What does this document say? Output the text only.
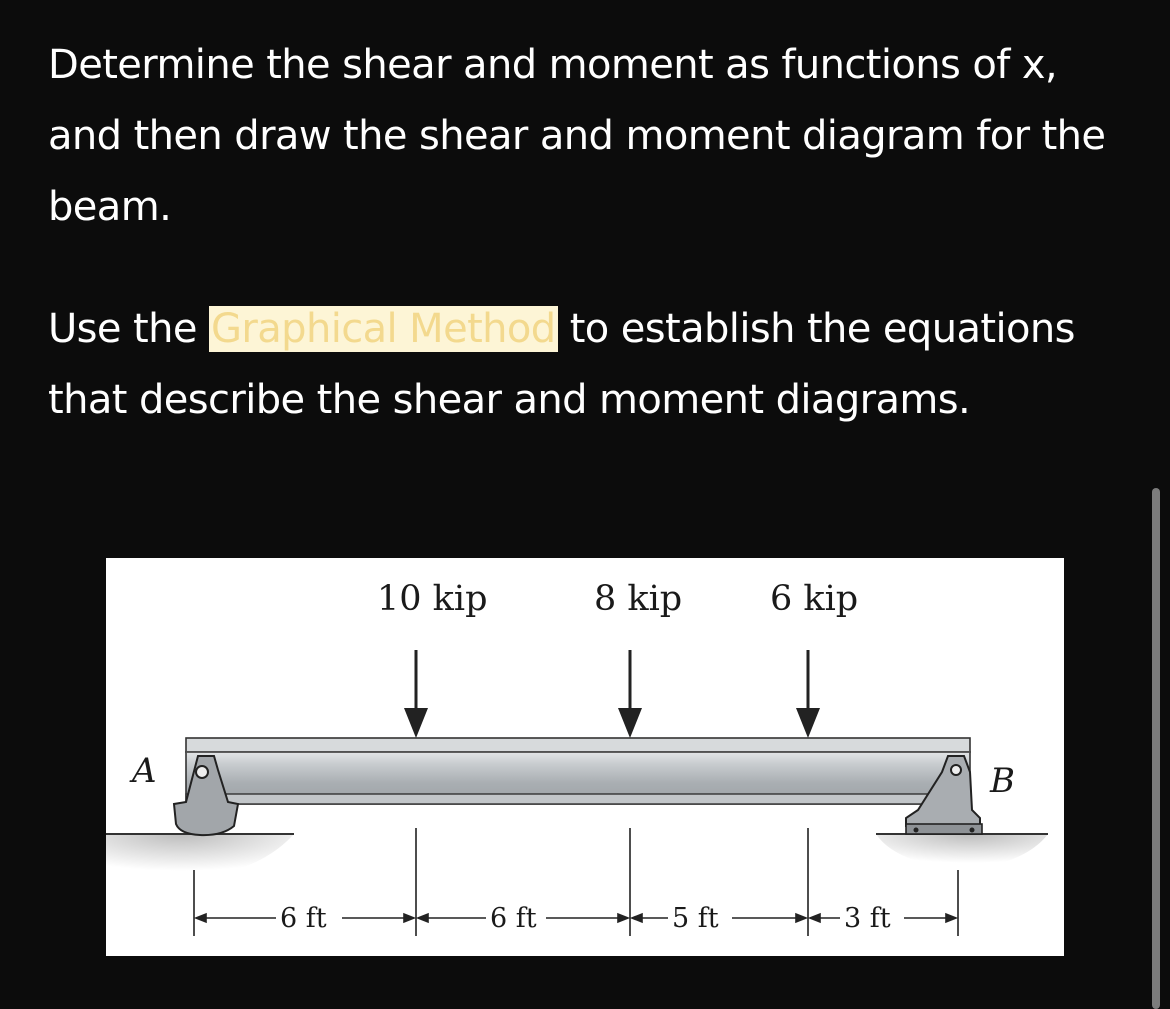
Determine the shear and moment as functions of x, and then draw the shear and moment diagram for the beam.

Use the Graphical Method to establish the equations that describe the shear and moment diagrams.

A	B
10 kip	8 kip	6 kip
6 ft	6 ft	5 ft	3 ft
